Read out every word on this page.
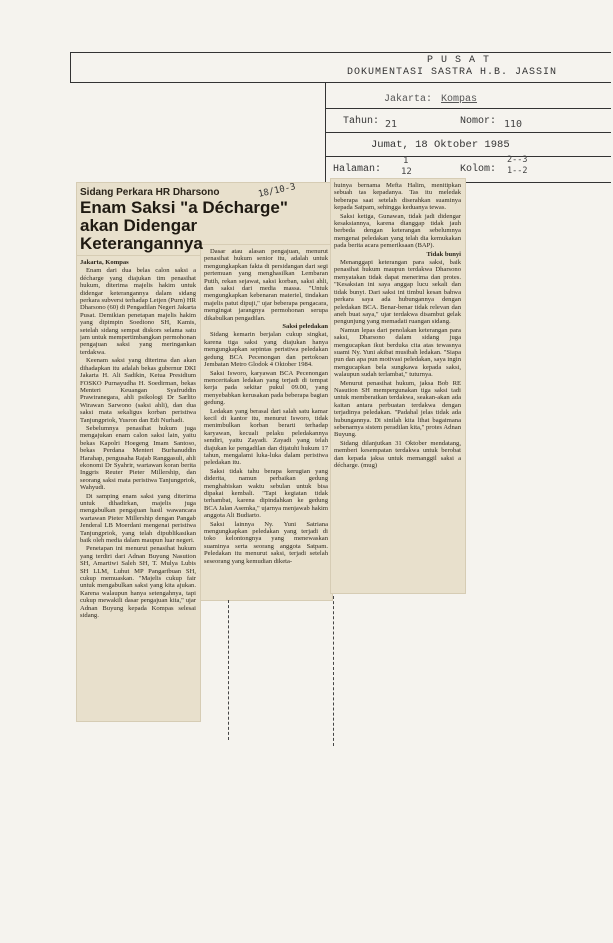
P U S A T
DOKUMENTASI SASTRA H.B. JASSIN
Jakarta: Kompas
Tahun: 21	Nomor: 110
Jumat, 18 Oktober 1985
Halaman:
1
12	Kolom:
2--3
1--2
Sidang Perkara HR Dharsono
Enam Saksi "a Décharge" akan Didengar Keterangannya
18/10-3

Jakarta, Kompas

Enam dari dua belas calon saksi a décharge yang diajukan tim penasihat hukum, diterima majelis hakim untuk didengar keterangannya dalam sidang perkara subversi terhadap Letjen (Purn) HR Dharsono (60) di Pengadilan Negeri Jakarta Pusat. Demikian penetapan majelis hakim yang dipimpin Soediono SH, Kamis, setelah sidang sempat diskors selama satu jam untuk mempertimbangkan permohonan pengajuan saksi yang meringankan terdakwa.

Keenam saksi yang diterima dan akan dihadapkan itu adalah bekas gubernur DKI Jakarta H. Ali Sadikin, Ketua Presidium FOSKO Purnayudha H. Soedirman, bekas Menteri Keuangan Syafruddin Prawiranegara, ahli psikologi Dr Sarlito Wirawan Sarwono (saksi ahli), dan dua saksi mata sekaligus korban peristiwa Tanjungpriok, Yusron dan Edi Nurhadi.

Sebelumnya penasihat hukum juga mengajukan enam calon saksi lain, yaitu bekas Kapolri Hoegeng Imam Santoso, bekas Perdana Menteri Burhanuddin Harahap, pengusaha Rajab Ranggasuli, ahli ekonomi Dr Syahrir, wartawan koran berita Inggris Reuter Pieter Millership, dan seorang saksi mata peristiwa Tanjungpriok, Wahyudi.

Di samping enam saksi yang diterima untuk dihadirkan, majelis juga mengabulkan pengajuan hasil wawancara wartawan Pieter Millership dengan Pangab Jenderal LB Moerdani mengenai peristiwa Tanjungpriok, yang telah dipublikasikan baik oleh media dalam maupun luar negeri.

Penetapan ini menurut penasihat hukum yang terdiri dari Adnan Buyung Nasution SH, Amartiwi Saleh SH, T. Mulya Lubis SH LLM, Luhut MP Pangaribuan SH, cukup memuaskan. "Majelis cukup fair untuk mengabulkan saksi yang kita ajukan. Karena walaupun hanya setengahnya, tapi cukup mewakili dasar pengajuan kita," ujar Adnan Buyung kepada Kompas selesai sidang.

Dasar atau alasan pengajuan, menurut penasihat hukum senior itu, adalah untuk mengungkapkan fakta di persidangan dari segi pertemuan yang menghasilkan Lembaran Putih, rekan sejawat, saksi korban, saksi ahli, dan saksi dari media massa. "Untuk mengungkapkan kebenaran materiel, tindakan majelis patut dipuji," ujar beberapa pengacara, mengingat jarangnya permohonan serupa dikabulkan pengadilan.

Saksi peledakan

Sidang kemarin berjalan cukup singkat, karena tiga saksi yang diajukan hanya mengungkapkan sepintas peristiwa peledakan gedung BCA Pecenongan dan pertokoan Jembatan Metro Glodok 4 Oktober 1984.

Saksi Isworo, karyawan BCA Pecenongan menceritakan ledakan yang terjadi di tempat kerja pada sekitar pukul 09.00, yang menyebabkan kerusakan pada beberapa bagian gedung.

Ledakan yang berasal dari salah satu kamar kecil di kantor itu, menurut Isworo, tidak menimbulkan korban berarti terhadap karyawan, kecuali pelaku peledakannya sendiri, yaitu Zayadi. Zayadi yang telah diajukan ke pengadilan dan dijatuhi hukum 17 tahun, mengalami luka-luka dalam peristiwa peledakan itu.

Saksi tidak tahu berapa kerugian yang diderita, namun perbaikan gedung menghabiskan waktu sebulan untuk bisa dipakai kembali. "Tapi kegiatan tidak terhambat, karena dipindahkan ke gedung BCA Jalan Asemka," ujarnya menjawab hakim anggota Ali Budiarto.

Saksi lainnya Ny. Yuni Satriana mengungkapkan peledakan yang terjadi di toko kelontongnya yang menewaskan suaminya serta seorang anggota Satpam. Peledakan itu menurut saksi, terjadi setelah seseorang yang kemudian diketa-

huinya bernama Mefta Halim, menitipkan sebuah tas kepadanya. Tas itu meledak beberapa saat setelah diserahkan suaminya kepada Satpam, sehingga keduanya tewas.

Saksi ketiga, Gunawan, tidak jadi didengar kesaksiannya, karena dianggap tidak jauh berbeda dengan keterangan sebelumnya mengenai peledakan yang telah dia kemukakan pada berita acara pemeriksaan (BAP).

Tidak bunyi

Menanggapi keterangan para saksi, baik penasihat hukum maupun terdakwa Dharsono menyatakan tidak dapat menerima dan protes. "Kesaksian ini saya anggap lucu sekali dan tidak bunyi. Dari saksi ini timbul kesan bahwa perkara saya ada hubungannya dengan peledakan BCA. Benar-benar tidak relevan dan aneh buat saya," ujar terdakwa disambut gelak pengunjung yang memadati ruangan sidang.

Namun lepas dari penolakan keterangan para saksi, Dharsono dalam sidang juga mengucapkan ikut berduka cita atas tewasnya suami Ny. Yuni akibat musibah ledakan. "Siapa pun dan apa pun motivasi peledakan, saya ingin mengucapkan bela sungkawa kepada saksi, walaupun sudah terlambat," tuturnya.

Menurut penasihat hukum, jaksa Bob RE Nasution SH mempergunakan tiga saksi tadi untuk memberatkan terdakwa, seakan-akan ada kaitan antara perbuatan terdakwa dengan terjadinya peledakan. "Padahal jelas tidak ada hubungannya. Di sinilah kita lihat bagaimana sebenarnya sistem peradilan kita," protes Adnan Buyung.

Sidang dilanjutkan 31 Oktober mendatang, memberi kesempatan terdakwa untuk berobat dan kepada jaksa untuk memanggil saksi a décharge. (mug)
